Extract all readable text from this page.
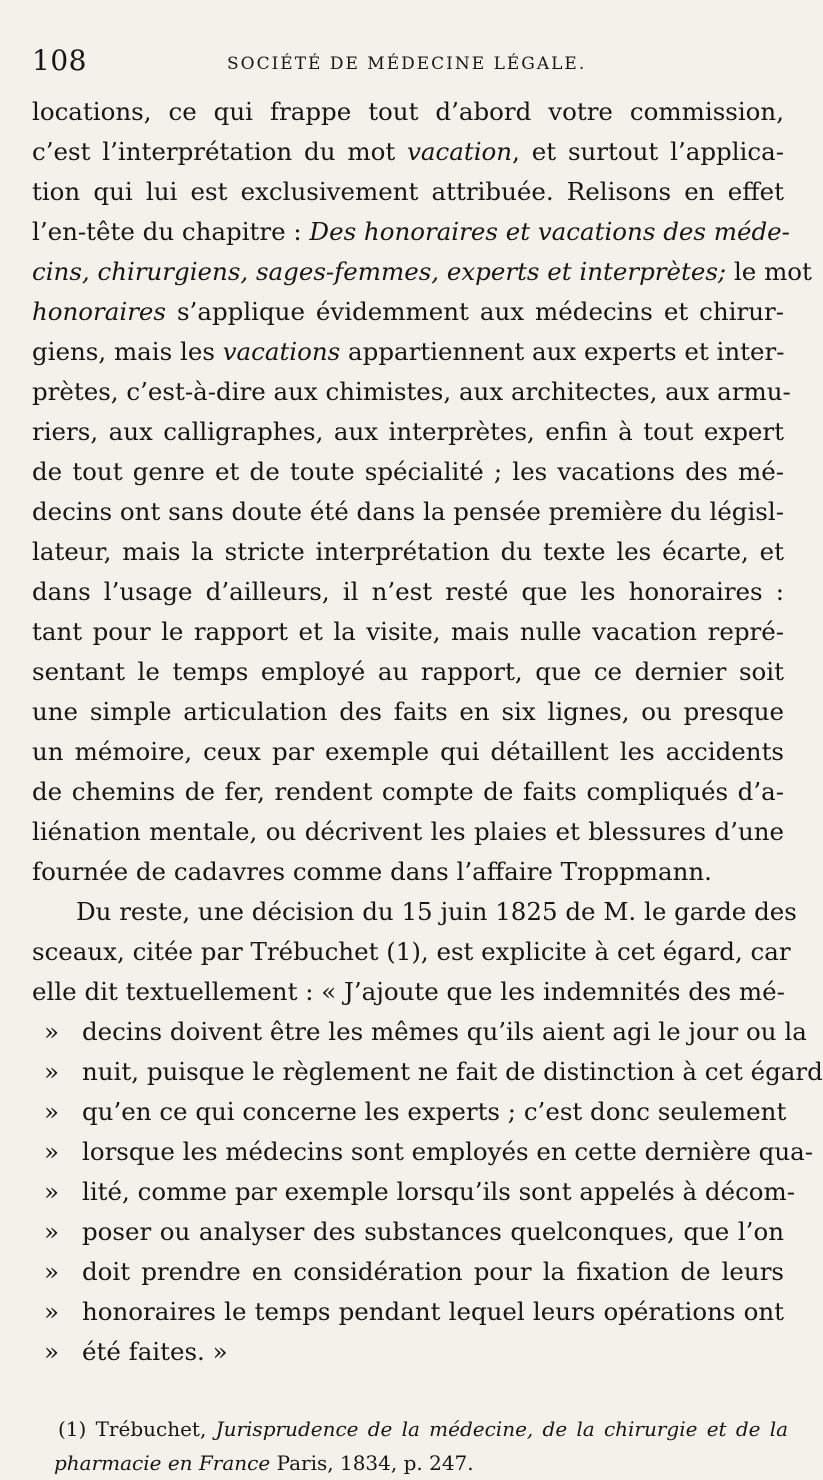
108	SOCIÉTÉ DE MÉDECINE LÉGALE.
locations, ce qui frappe tout d’abord votre commission,
c’est l’interprétation du mot vacation, et surtout l’applica-
tion qui lui est exclusivement attribuée. Relisons en effet
l’en-tête du chapitre : Des honoraires et vacations des méde-
cins, chirurgiens, sages-femmes, experts et interprètes; le mot
honoraires s’applique évidemment aux médecins et chirur-
giens, mais les vacations appartiennent aux experts et inter-
prètes, c’est-à-dire aux chimistes, aux architectes, aux armu-
riers, aux calligraphes, aux interprètes, enfin à tout expert
de tout genre et de toute spécialité ; les vacations des mé-
decins ont sans doute été dans la pensée première du législ-
lateur, mais la stricte interprétation du texte les écarte, et
dans l’usage d’ailleurs, il n’est resté que les honoraires :
tant pour le rapport et la visite, mais nulle vacation repré-
sentant le temps employé au rapport, que ce dernier soit
une simple articulation des faits en six lignes, ou presque
un mémoire, ceux par exemple qui détaillent les accidents
de chemins de fer, rendent compte de faits compliqués d’a-
liénation mentale, ou décrivent les plaies et blessures d’une
fournée de cadavres comme dans l’affaire Troppmann.
Du reste, une décision du 15 juin 1825 de M. le garde des
sceaux, citée par Trébuchet (1), est explicite à cet égard, car
elle dit textuellement : « J’ajoute que les indemnités des mé-
» decins doivent être les mêmes qu’ils aient agi le jour ou la
» nuit, puisque le règlement ne fait de distinction à cet égard
» qu’en ce qui concerne les experts ; c’est donc seulement
» lorsque les médecins sont employés en cette dernière qua-
» lité, comme par exemple lorsqu’ils sont appelés à décom-
» poser ou analyser des substances quelconques, que l’on
» doit prendre en considération pour la fixation de leurs
» honoraires le temps pendant lequel leurs opérations ont
» été faites. »
(1) Trébuchet, Jurisprudence de la médecine, de la chirurgie et de la
pharmacie en France Paris, 1834, p. 247.
